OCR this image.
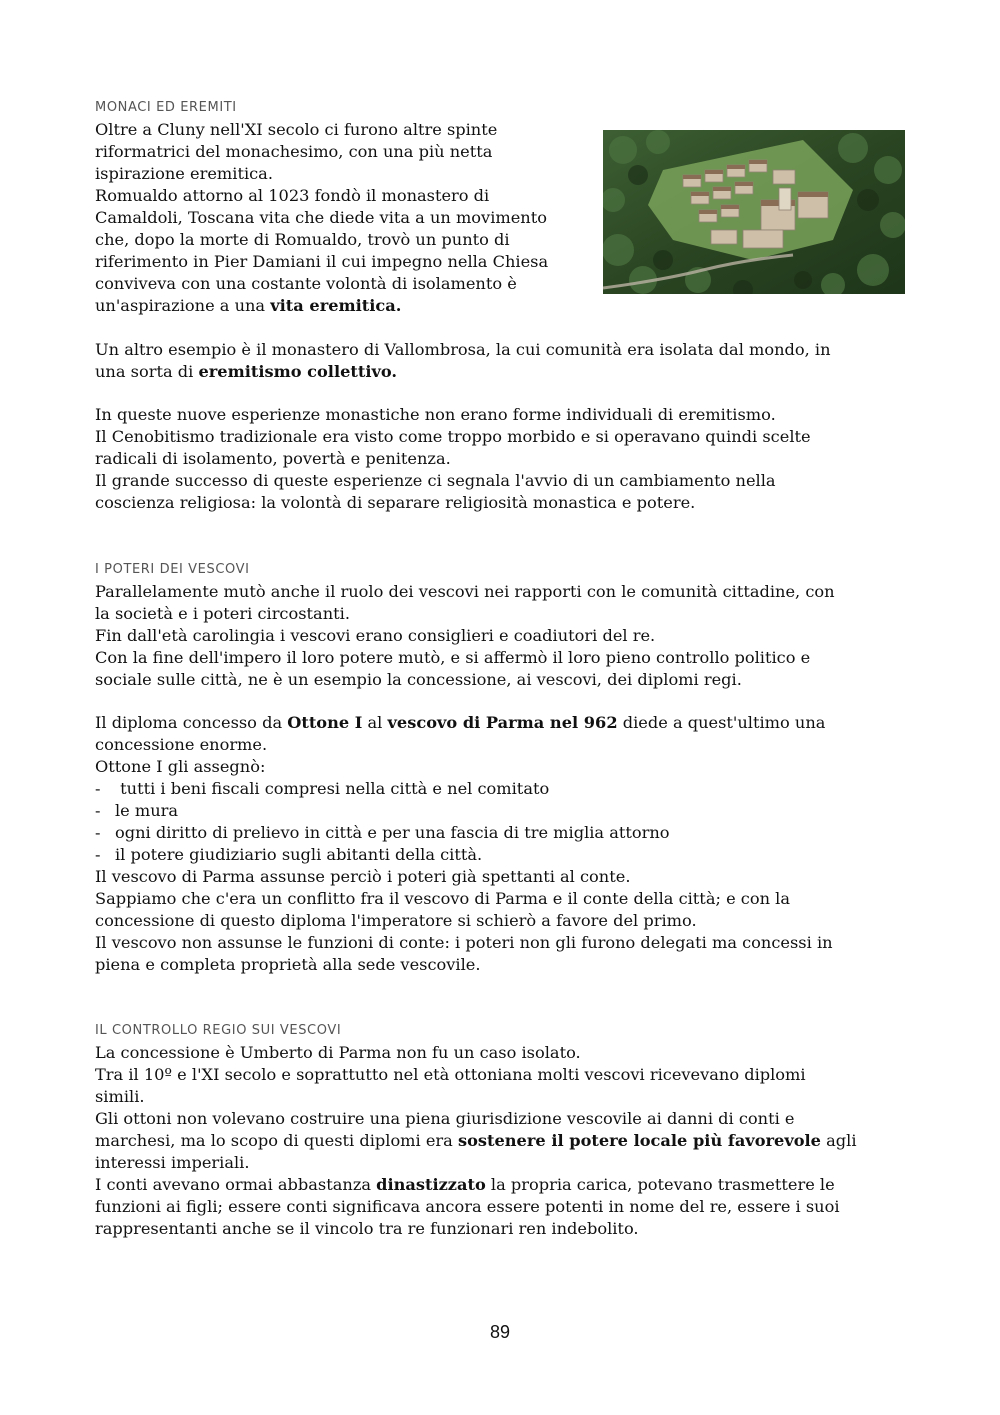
MONACI ED EREMITI
Oltre a Cluny nell'XI secolo ci furono altre spinte
riformatrici del monachesimo, con una più netta
ispirazione eremitica.
Romualdo attorno al 1023 fondò il monastero di
Camaldoli, Toscana vita che diede vita a un movimento
che, dopo la morte di Romualdo, trovò un punto di
riferimento in Pier Damiani il cui impegno nella Chiesa
conviveva con una costante volontà di isolamento è
un'aspirazione a una vita eremitica.
Un altro esempio è il monastero di Vallombrosa, la cui comunità era isolata dal mondo, in
una sorta di eremitismo collettivo.
In queste nuove esperienze monastiche non erano forme individuali di eremitismo.
Il Cenobitismo tradizionale era visto come troppo morbido e si operavano quindi scelte
radicali di isolamento, povertà e penitenza.
Il grande successo di queste esperienze ci segnala l'avvio di un cambiamento nella
coscienza religiosa: la volontà di separare religiosità monastica e potere.
I POTERI DEI VESCOVI
Parallelamente mutò anche il ruolo dei vescovi nei rapporti con le comunità cittadine, con
la società e i poteri circostanti.
Fin dall'età carolingia i vescovi erano consiglieri e coadiutori del re.
Con la fine dell'impero il loro potere mutò, e si affermò il loro pieno controllo politico e
sociale sulle città, ne è un esempio la concessione, ai vescovi, dei diplomi regi.
Il diploma concesso da Ottone I al vescovo di Parma nel 962 diede a quest'ultimo una
concessione enorme.
Ottone I gli assegnò:
- tutti i beni fiscali compresi nella città e nel comitato
- le mura
- ogni diritto di prelievo in città e per una fascia di tre miglia attorno
- il potere giudiziario sugli abitanti della città.
Il vescovo di Parma assunse perciò i poteri già spettanti al conte.
Sappiamo che c'era un conflitto fra il vescovo di Parma e il conte della città; e con la
concessione di questo diploma l'imperatore si schierò a favore del primo.
Il vescovo non assunse le funzioni di conte: i poteri non gli furono delegati ma concessi in
piena e completa proprietà alla sede vescovile.
IL CONTROLLO REGIO SUI VESCOVI
La concessione è Umberto di Parma non fu un caso isolato.
Tra il 10º e l'XI secolo e soprattutto nel età ottoniana molti vescovi ricevevano diplomi
simili.
Gli ottoni non volevano costruire una piena giurisdizione vescovile ai danni di conti e
marchesi, ma lo scopo di questi diplomi era sostenere il potere locale più favorevole agli
interessi imperiali.
I conti avevano ormai abbastanza dinastizzato la propria carica, potevano trasmettere le
funzioni ai figli; essere conti significava ancora essere potenti in nome del re, essere i suoi
rappresentanti anche se il vincolo tra re funzionari ren indebolito.
89
